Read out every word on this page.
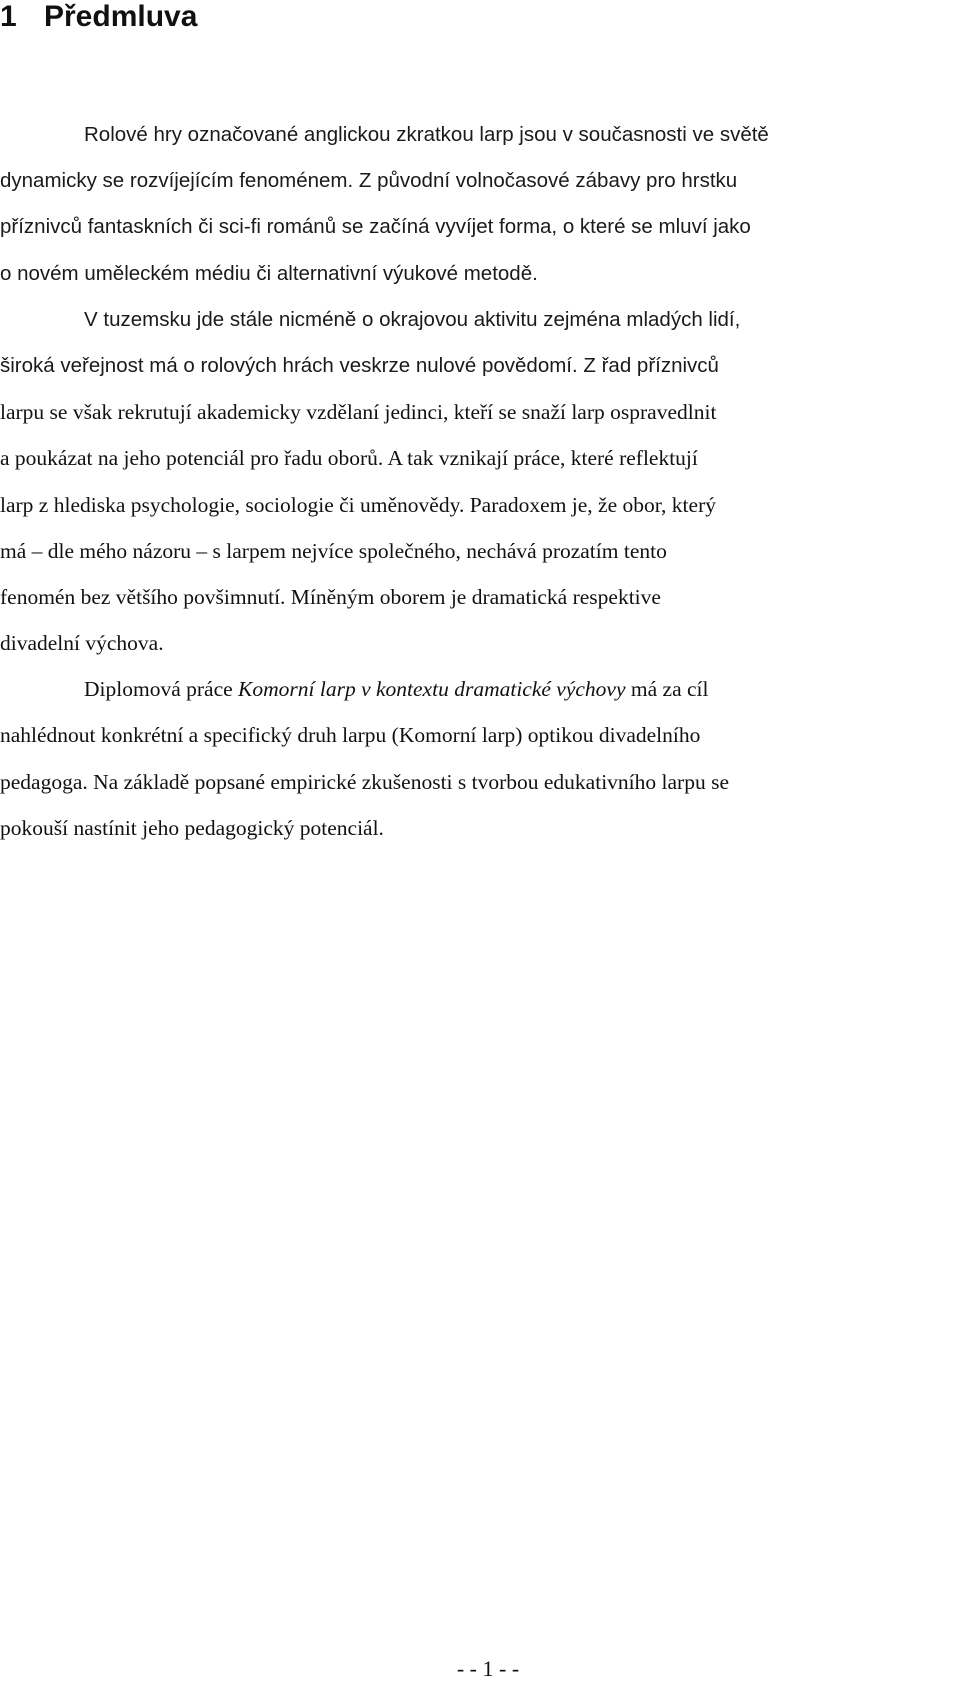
1 Předmluva
Rolové hry označované anglickou zkratkou larp jsou v současnosti ve světě
dynamicky se rozvíjejícím fenoménem. Z původní volnočasové zábavy pro hrstku
příznivců fantaskních či sci-fi románů se začíná vyvíjet forma, o které se mluví jako
o novém uměleckém médiu či alternativní výukové metodě.
V tuzemsku jde stále nicméně o okrajovou aktivitu zejména mladých lidí,
široká veřejnost má o rolových hrách veskrze nulové povědomí. Z řad příznivců
larpu se však rekrutují akademicky vzdělaní jedinci, kteří se snaží larp ospravedlnit
a poukázat na jeho potenciál pro řadu oborů. A tak vznikají práce, které reflektují
larp z hlediska psychologie, sociologie či uměnovědy. Paradoxem je, že obor, který
má – dle mého názoru – s larpem nejvíce společného, nechává prozatím tento
fenomén bez většího povšimnutí. Míněným oborem je dramatická respektive
divadelní výchova.
Diplomová práce Komorní larp v kontextu dramatické výchovy má za cíl
nahlédnout konkrétní a specifický druh larpu (Komorní larp) optikou divadelního
pedagoga. Na základě popsané empirické zkušenosti s tvorbou edukativního larpu se
pokouší nastínit jeho pedagogický potenciál.
- - 1 - -
